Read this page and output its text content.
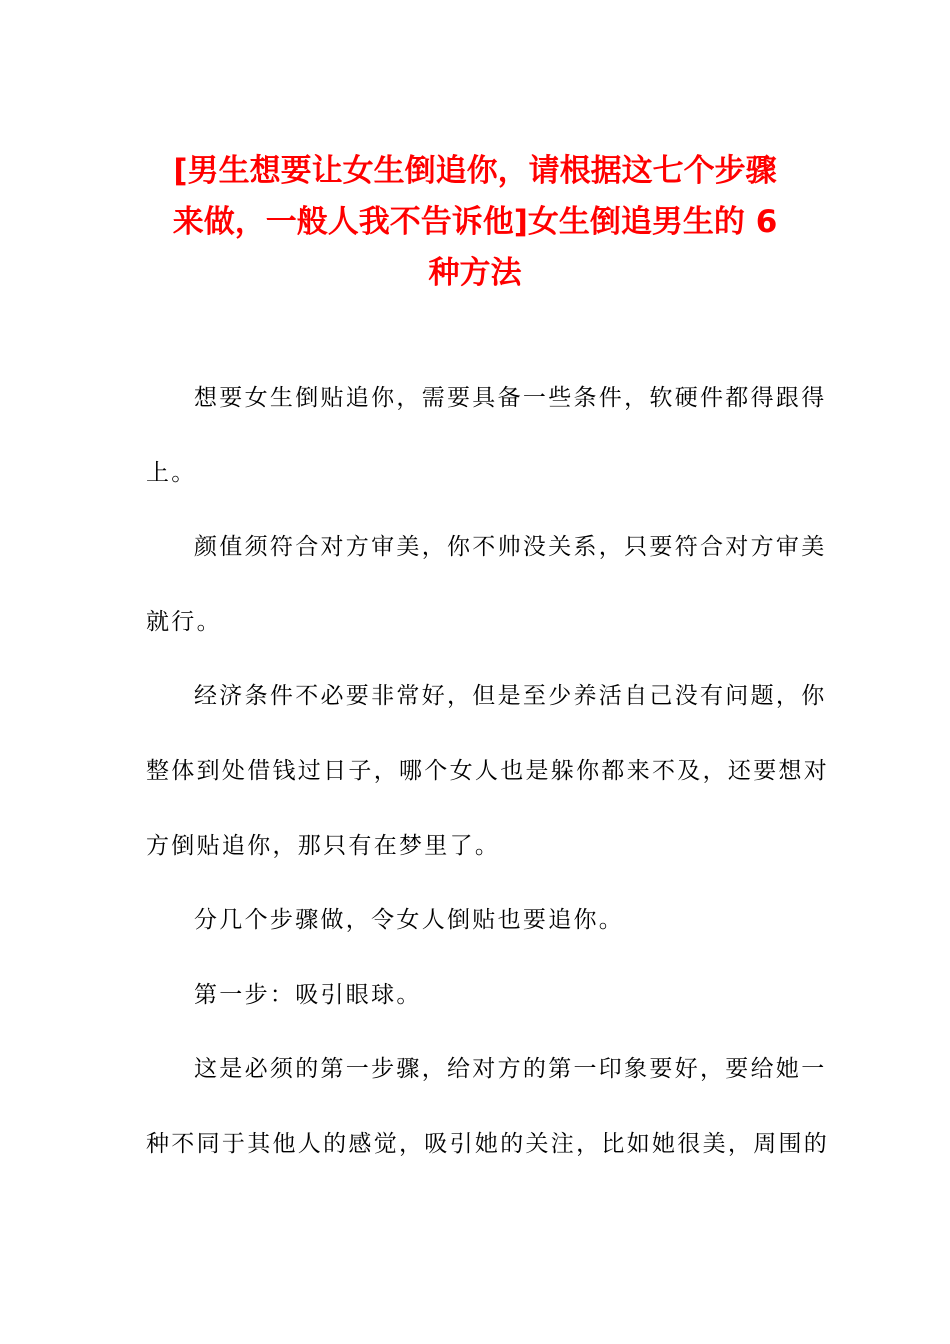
[男生想要让女生倒追你，请根据这七个步骤
来做，一般人我不告诉他]女生倒追男生的 6
种方法
想要女生倒贴追你，需要具备一些条件，软硬件都得跟得
上。
颜值须符合对方审美，你不帅没关系，只要符合对方审美
就行。
经济条件不必要非常好，但是至少养活自己没有问题，你
整体到处借钱过日子，哪个女人也是躲你都来不及，还要想对
方倒贴追你，那只有在梦里了。
分几个步骤做，令女人倒贴也要追你。
第一步：吸引眼球。
这是必须的第一步骤，给对方的第一印象要好，要给她一
种不同于其他人的感觉，吸引她的关注，比如她很美，周围的
